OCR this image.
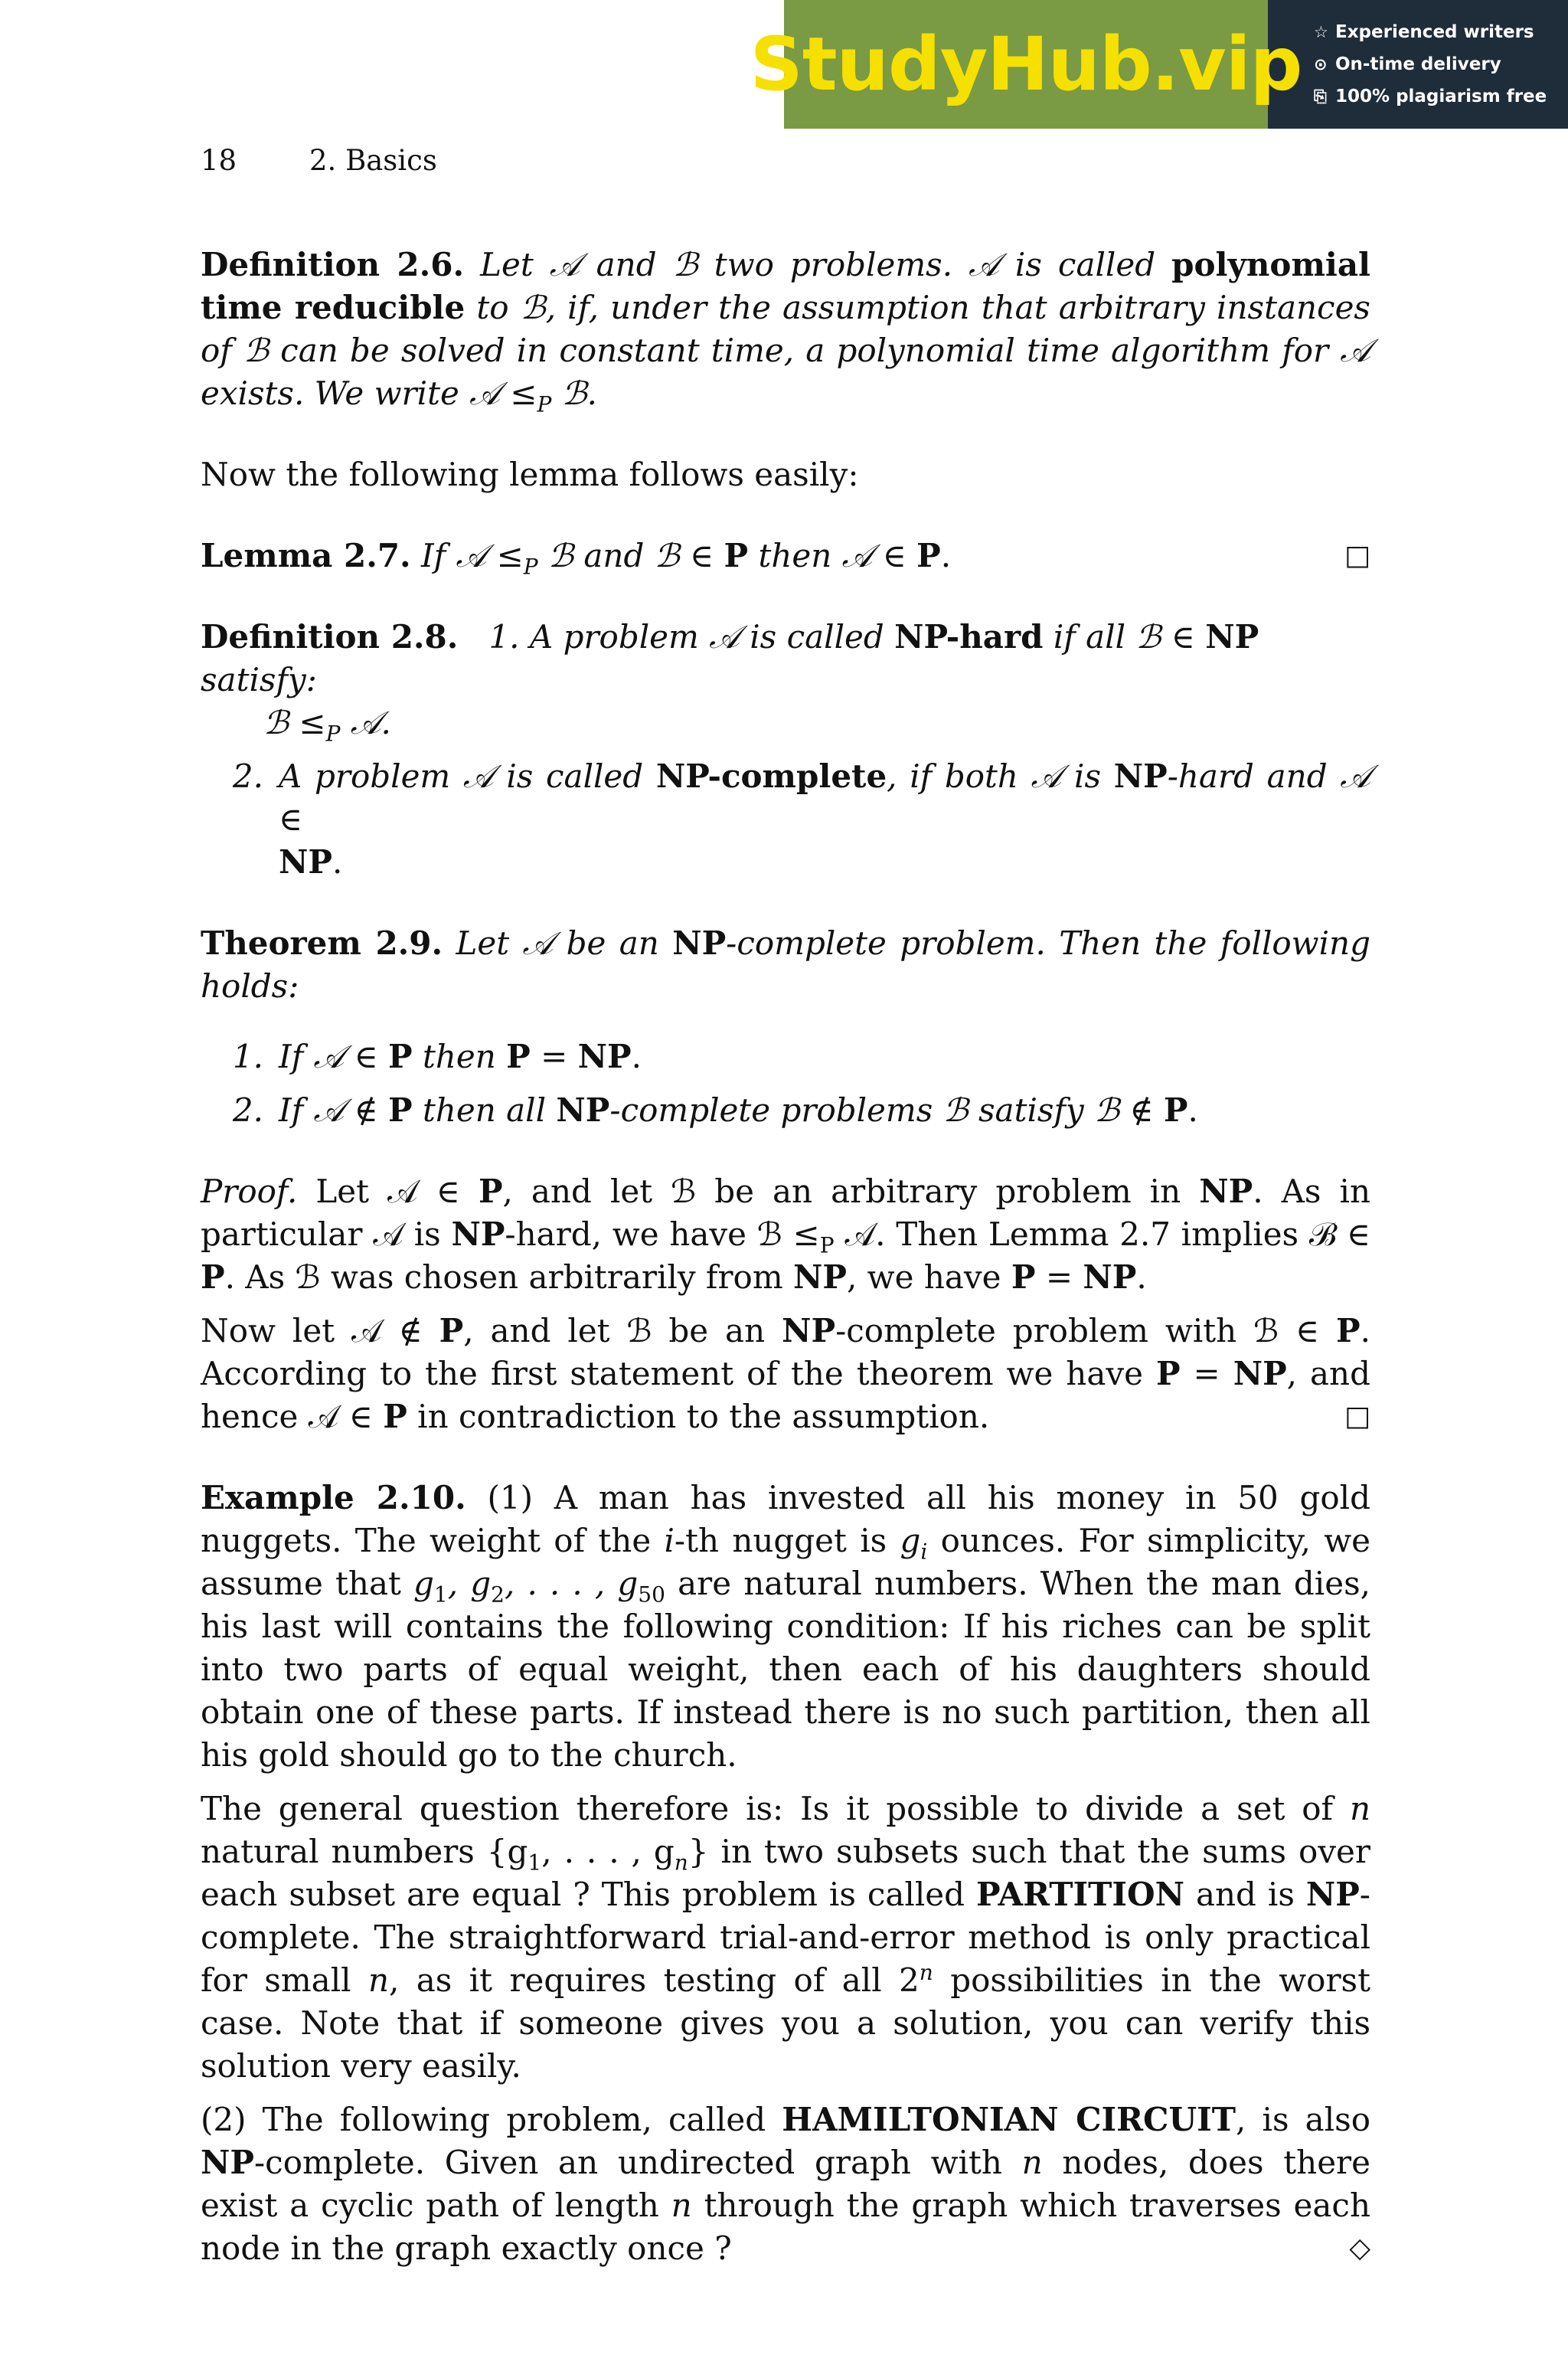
StudyHub.vip ☆ Experienced writers
⊙ On-time delivery
⎘ 100% plagiarism free
18	2. Basics

Definition 2.6. Let 𝒜 and ℬ two problems. 𝒜 is called polynomial time reducible to ℬ, if, under the assumption that arbitrary instances of ℬ can be solved in constant time, a polynomial time algorithm for 𝒜 exists. We write 𝒜 $\le_P$ ℬ.

Now the following lemma follows easily:

Lemma 2.7. If 𝒜 $\le_P$ ℬ and ℬ ∈ P then 𝒜 ∈ P.	□

Definition 2.8. 1. A problem 𝒜 is called NP-hard if all ℬ ∈ NP satisfy:
ℬ $\le_P$ 𝒜.
2. A problem 𝒜 is called NP-complete, if both 𝒜 is NP-hard and 𝒜 ∈
NP.

Theorem 2.9. Let 𝒜 be an NP-complete problem. Then the following holds:

1. If 𝒜 ∈ P then P = NP.
2. If 𝒜 ∉ P then all NP-complete problems ℬ satisfy ℬ ∉ P.

Proof. Let 𝒜 ∈ P, and let ℬ be an arbitrary problem in NP. As in particular 𝒜 is NP-hard, we have ℬ $\le_P$ 𝒜. Then Lemma 2.7 implies ℬ ∈ P. As ℬ was chosen arbitrarily from NP, we have P = NP.

Now let 𝒜 ∉ P, and let ℬ be an NP-complete problem with ℬ ∈ P. According to the first statement of the theorem we have P = NP, and hence 𝒜 ∈ P in contradiction to the assumption.	□

Example 2.10. (1) A man has invested all his money in 50 gold nuggets. The weight of the i-th nugget is $g_i$ ounces. For simplicity, we assume that $g_1$, $g_2$, . . . , $g_{50}$ are natural numbers. When the man dies, his last will contains the following condition: If his riches can be split into two parts of equal weight, then each of his daughters should obtain one of these parts. If instead there is no such partition, then all his gold should go to the church.

The general question therefore is: Is it possible to divide a set of n natural numbers {$g_1$, . . . , $g_n$} in two subsets such that the sums over each subset are equal ? This problem is called PARTITION and is NP-complete. The straightforward trial-and-error method is only practical for small n, as it requires testing of all 2$^n$ possibilities in the worst case. Note that if someone gives you a solution, you can verify this solution very easily.

(2) The following problem, called HAMILTONIAN CIRCUIT, is also NP-complete. Given an undirected graph with n nodes, does there exist a cyclic path of length n through the graph which traverses each node in the graph exactly once ?	◇
